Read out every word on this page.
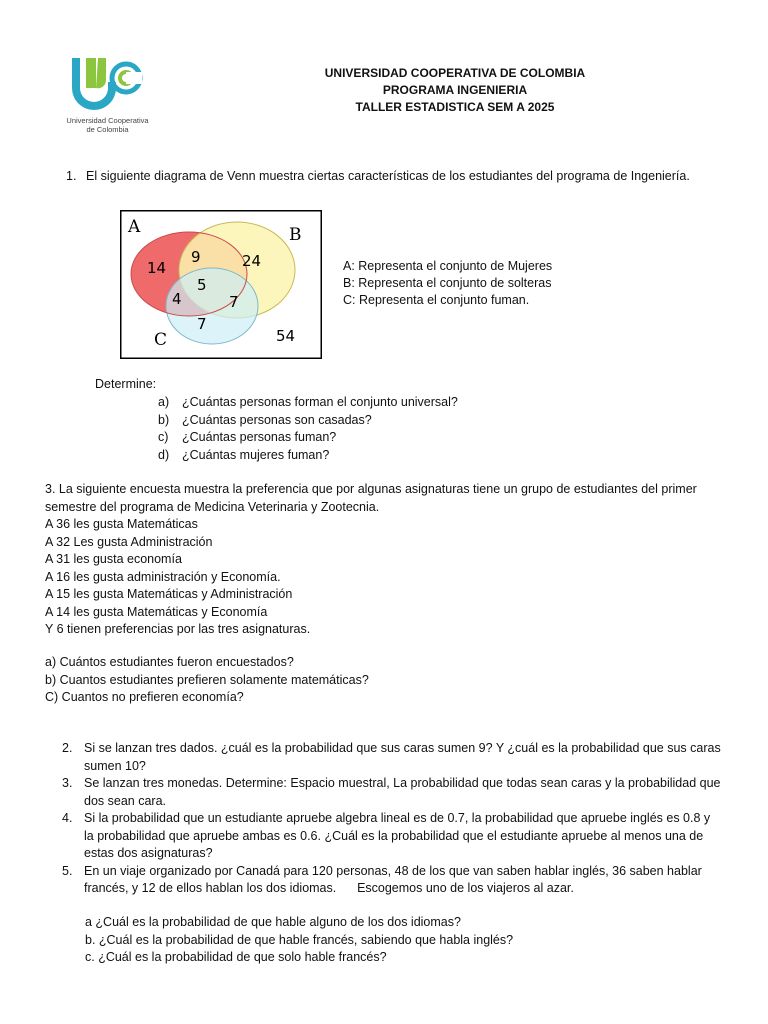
Universidad Cooperativa
de Colombia
UNIVERSIDAD COOPERATIVA DE COLOMBIA
PROGRAMA INGENIERIA
TALLER ESTADISTICA SEM A 2025
1. El siguiente diagrama de Venn muestra ciertas características de los estudiantes del programa de Ingeniería.
A	B
C
14
9	24
4
5
7
7
54
A: Representa el conjunto de Mujeres
B: Representa el conjunto de solteras
C: Representa el conjunto fuman.
Determine:
a) ¿Cuántas personas forman el conjunto universal?
b) ¿Cuántas personas son casadas?
c) ¿Cuántas personas fuman?
d) ¿Cuántas mujeres fuman?
3. La siguiente encuesta muestra la preferencia que por algunas asignaturas tiene un grupo de estudiantes del primer
semestre del programa de Medicina Veterinaria y Zootecnia.
A 36 les gusta Matemáticas
A 32 Les gusta Administración
A 31 les gusta economía
A 16 les gusta administración y Economía.
A 15 les gusta Matemáticas y Administración
A 14 les gusta Matemáticas y Economía
Y 6 tienen preferencias por las tres asignaturas.
a) Cuántos estudiantes fueron encuestados?
b) Cuantos estudiantes prefieren solamente matemáticas?
C) Cuantos no prefieren economía?
2. Si se lanzan tres dados. ¿cuál es la probabilidad que sus caras sumen 9? Y ¿cuál es la probabilidad que sus caras sumen 10?
3. Se lanzan tres monedas. Determine: Espacio muestral, La probabilidad que todas sean caras y la probabilidad que dos sean cara.
4. Si la probabilidad que un estudiante apruebe algebra lineal es de 0.7, la probabilidad que apruebe inglés es 0.8 y la probabilidad que apruebe ambas es 0.6. ¿Cuál es la probabilidad que el estudiante apruebe al menos una de estas dos asignaturas?
5. En un viaje organizado por Canadá para 120 personas, 48 de los que van saben hablar inglés, 36 saben hablar francés, y 12 de ellos hablan los dos idiomas.      Escogemos uno de los viajeros al azar.
a ¿Cuál es la probabilidad de que hable alguno de los dos idiomas?
b. ¿Cuál es la probabilidad de que hable francés, sabiendo que habla inglés?
c. ¿Cuál es la probabilidad de que solo hable francés?
